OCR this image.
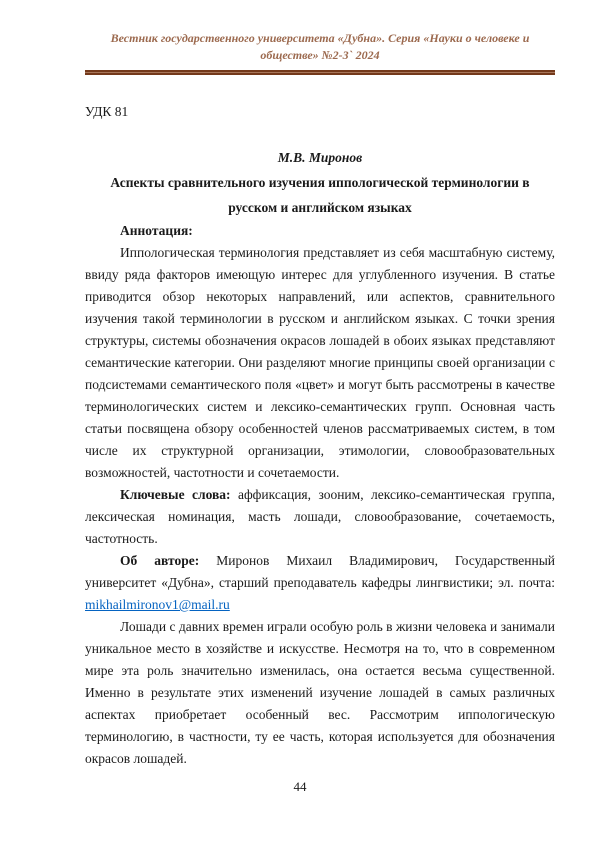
Вестник государственного университета «Дубна». Серия «Науки о человеке и обществе» №2-3` 2024
УДК 81
М.В. Миронов
Аспекты сравнительного изучения иппологической терминологии в русском и английском языках

Аннотация:

Иппологическая терминология представляет из себя масштабную систему, ввиду ряда факторов имеющую интерес для углубленного изучения. В статье приводится обзор некоторых направлений, или аспектов, сравнительного изучения такой терминологии в русском и английском языках. С точки зрения структуры, системы обозначения окрасов лошадей в обоих языках представляют семантические категории. Они разделяют многие принципы своей организации с подсистемами семантического поля «цвет» и могут быть рассмотрены в качестве терминологических систем и лексико-семантических групп. Основная часть статьи посвящена обзору особенностей членов рассматриваемых систем, в том числе их структурной организации, этимологии, словообразовательных возможностей, частотности и сочетаемости.

Ключевые слова: аффиксация, зооним, лексико-семантическая группа, лексическая номинация, масть лошади, словообразование, сочетаемость, частотность.

Об авторе: Миронов Михаил Владимирович, Государственный университет «Дубна», старший преподаватель кафедры лингвистики; эл. почта: mikhailmironov1@mail.ru

Лошади с давних времен играли особую роль в жизни человека и занимали уникальное место в хозяйстве и искусстве. Несмотря на то, что в современном мире эта роль значительно изменилась, она остается весьма существенной. Именно в результате этих изменений изучение лошадей в самых различных аспектах приобретает особенный вес. Рассмотрим иппологическую терминологию, в частности, ту ее часть, которая используется для обозначения окрасов лошадей.

44
